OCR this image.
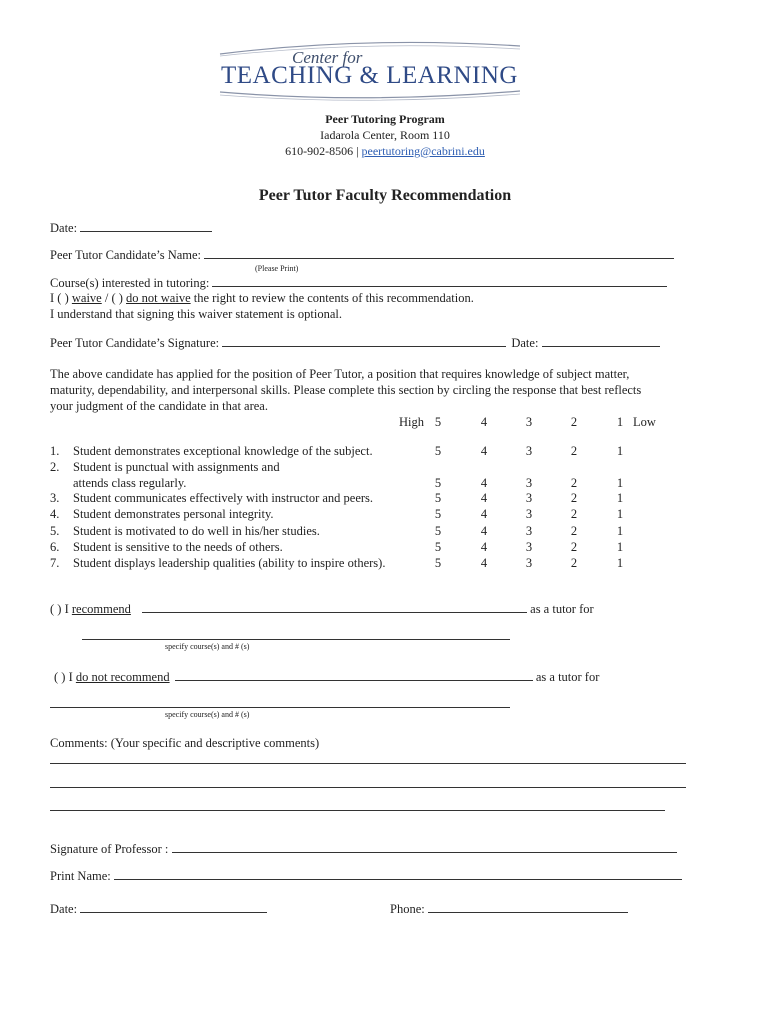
Center for
TEACHING & LEARNING
Peer Tutoring Program
Iadarola Center, Room 110
610-902-8506 | peertutoring@cabrini.edu
Peer Tutor Faculty Recommendation
Date:
Peer Tutor Candidate’s Name:
(Please Print)
Course(s) interested in tutoring:
I ( ) waive / ( ) do not waive the right to review the contents of this recommendation.
I understand that signing this waiver statement is optional.
Peer Tutor Candidate’s Signature:	Date:
The above candidate has applied for the position of Peer Tutor, a position that requires knowledge of subject matter,
maturity, dependability, and interpersonal skills. Please complete this section by circling the response that best reflects
your judgment of the candidate in that area.
High 5	4	3	2	1 Low
1. Student demonstrates exceptional knowledge of the subject.	5	4	3	2	1
2. Student is punctual with assignments and
attends class regularly.	5	4	3	2	1
3. Student communicates effectively with instructor and peers.	5	4	3	2	1
4. Student demonstrates personal integrity.	5	4	3	2	1
5. Student is motivated to do well in his/her studies.	5	4	3	2	1
6. Student is sensitive to the needs of others.	5	4	3	2	1
7. Student displays leadership qualities (ability to inspire others).	5	4	3	2	1
( ) I recommend	as a tutor for
specify course(s) and # (s)
( ) I do not recommend	as a tutor for
specify course(s) and # (s)
Comments: (Your specific and descriptive comments)
Signature of Professor :
Print Name:
Date:	Phone:
